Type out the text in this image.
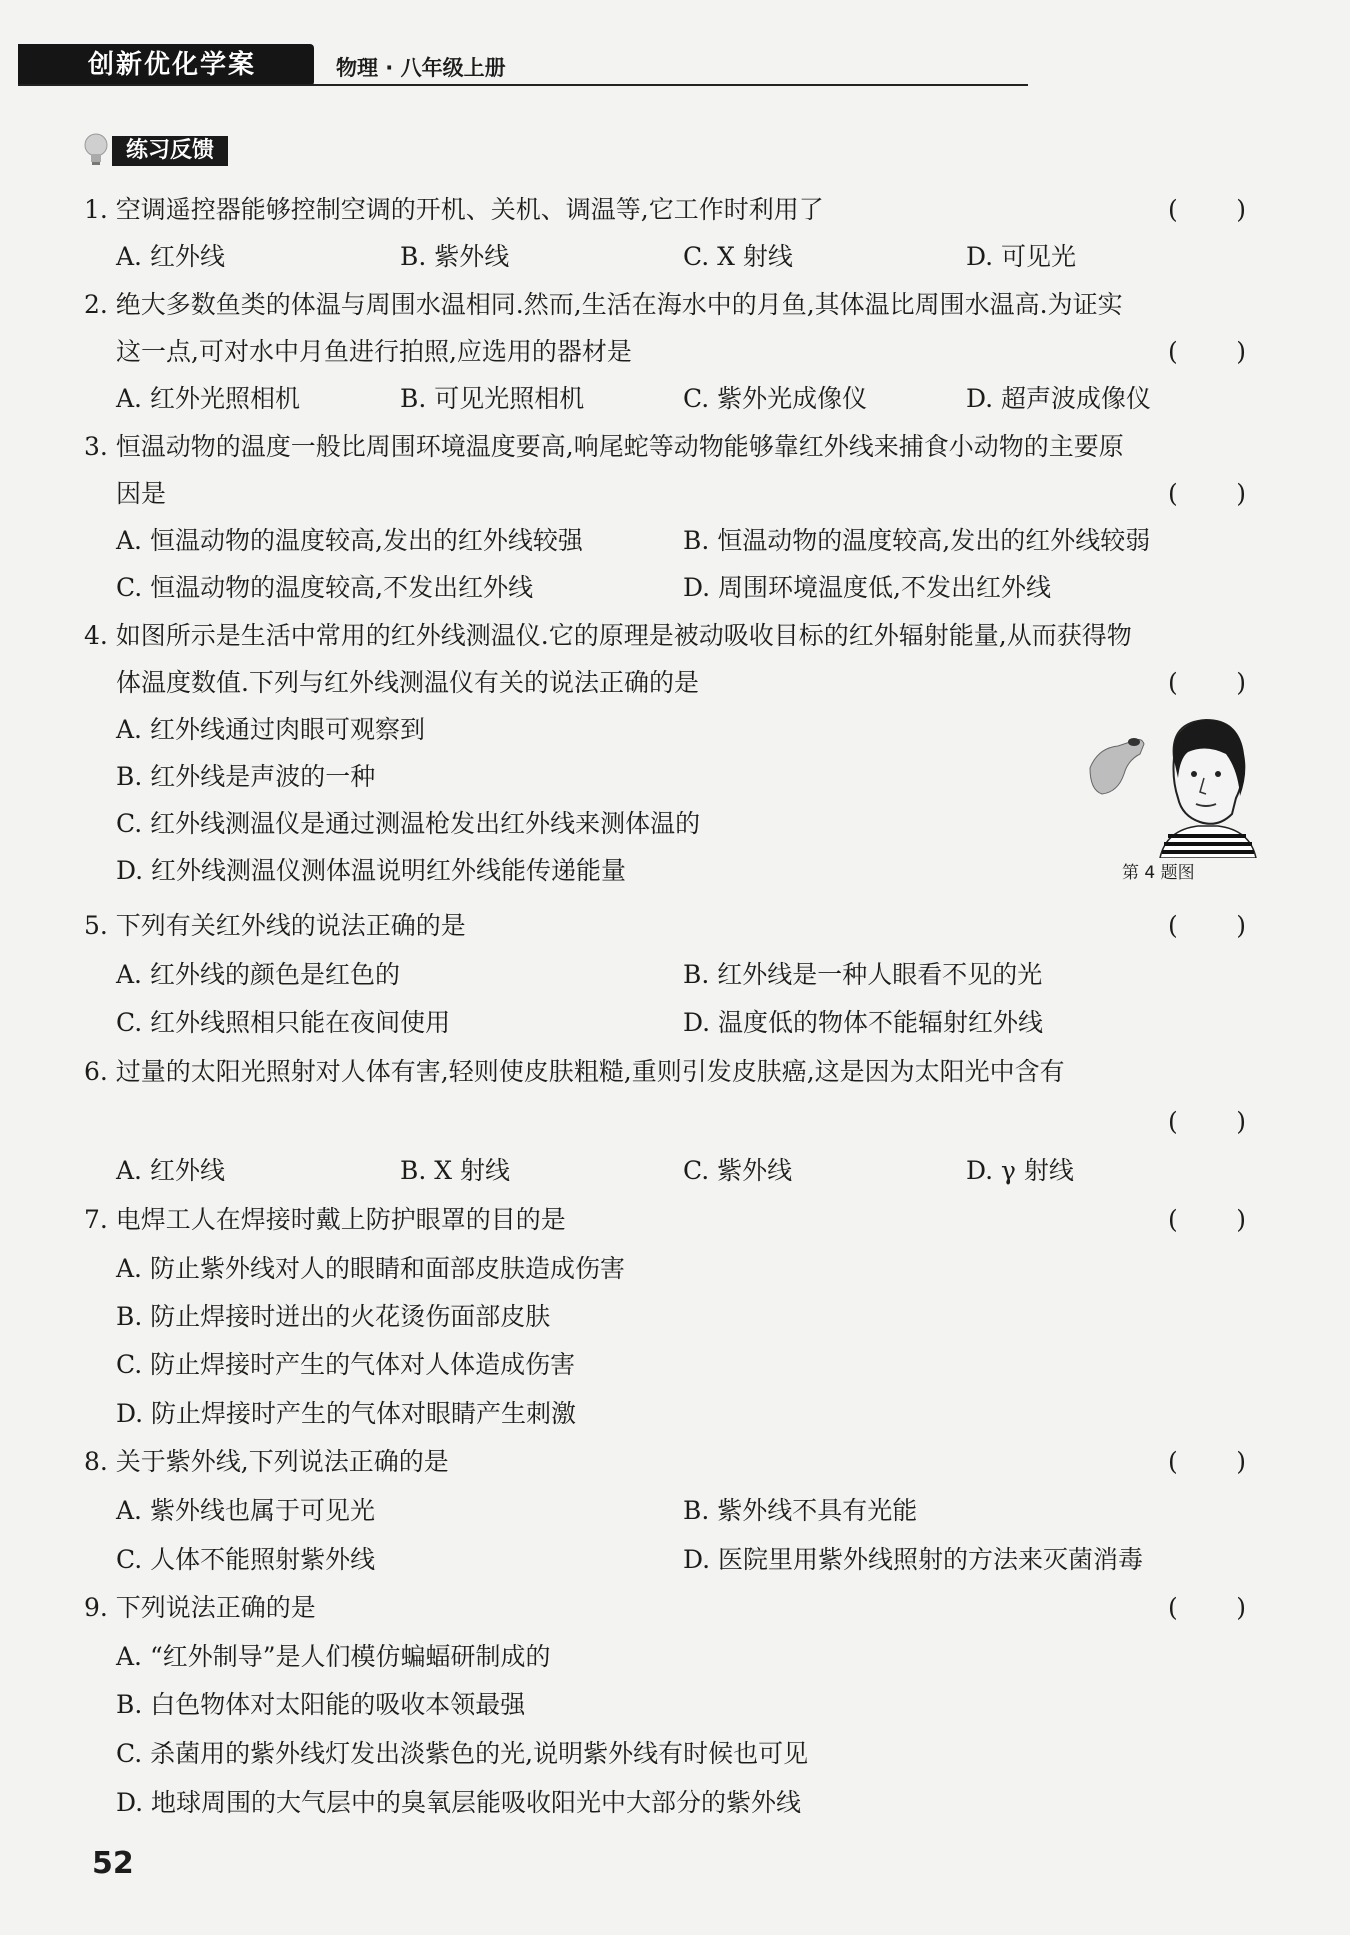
创新优化学案	物理 · 八年级上册
练习反馈
1. 空调遥控器能够控制空调的开机、关机、调温等,它工作时利用了	( )
A. 红外线	B. 紫外线	C. X 射线	D. 可见光
2. 绝大多数鱼类的体温与周围水温相同.然而,生活在海水中的月鱼,其体温比周围水温高.为证实
这一点,可对水中月鱼进行拍照,应选用的器材是	( )
A. 红外光照相机	B. 可见光照相机	C. 紫外光成像仪	D. 超声波成像仪
3. 恒温动物的温度一般比周围环境温度要高,响尾蛇等动物能够靠红外线来捕食小动物的主要原
因是	( )
A. 恒温动物的温度较高,发出的红外线较强	B. 恒温动物的温度较高,发出的红外线较弱
C. 恒温动物的温度较高,不发出红外线	D. 周围环境温度低,不发出红外线
4. 如图所示是生活中常用的红外线测温仪.它的原理是被动吸收目标的红外辐射能量,从而获得物
体温度数值.下列与红外线测温仪有关的说法正确的是	( )
A. 红外线通过肉眼可观察到
B. 红外线是声波的一种
C. 红外线测温仪是通过测温枪发出红外线来测体温的
D. 红外线测温仪测体温说明红外线能传递能量	第 4 题图
5. 下列有关红外线的说法正确的是	( )
A. 红外线的颜色是红色的	B. 红外线是一种人眼看不见的光
C. 红外线照相只能在夜间使用	D. 温度低的物体不能辐射红外线
6. 过量的太阳光照射对人体有害,轻则使皮肤粗糙,重则引发皮肤癌,这是因为太阳光中含有
( )
A. 红外线	B. X 射线	C. 紫外线	D. γ 射线
7. 电焊工人在焊接时戴上防护眼罩的目的是	( )
A. 防止紫外线对人的眼睛和面部皮肤造成伤害
B. 防止焊接时迸出的火花烫伤面部皮肤
C. 防止焊接时产生的气体对人体造成伤害
D. 防止焊接时产生的气体对眼睛产生刺激
8. 关于紫外线,下列说法正确的是	( )
A. 紫外线也属于可见光	B. 紫外线不具有光能
C. 人体不能照射紫外线	D. 医院里用紫外线照射的方法来灭菌消毒
9. 下列说法正确的是	( )
A. “红外制导”是人们模仿蝙蝠研制成的
B. 白色物体对太阳能的吸收本领最强
C. 杀菌用的紫外线灯发出淡紫色的光,说明紫外线有时候也可见
D. 地球周围的大气层中的臭氧层能吸收阳光中大部分的紫外线
52
